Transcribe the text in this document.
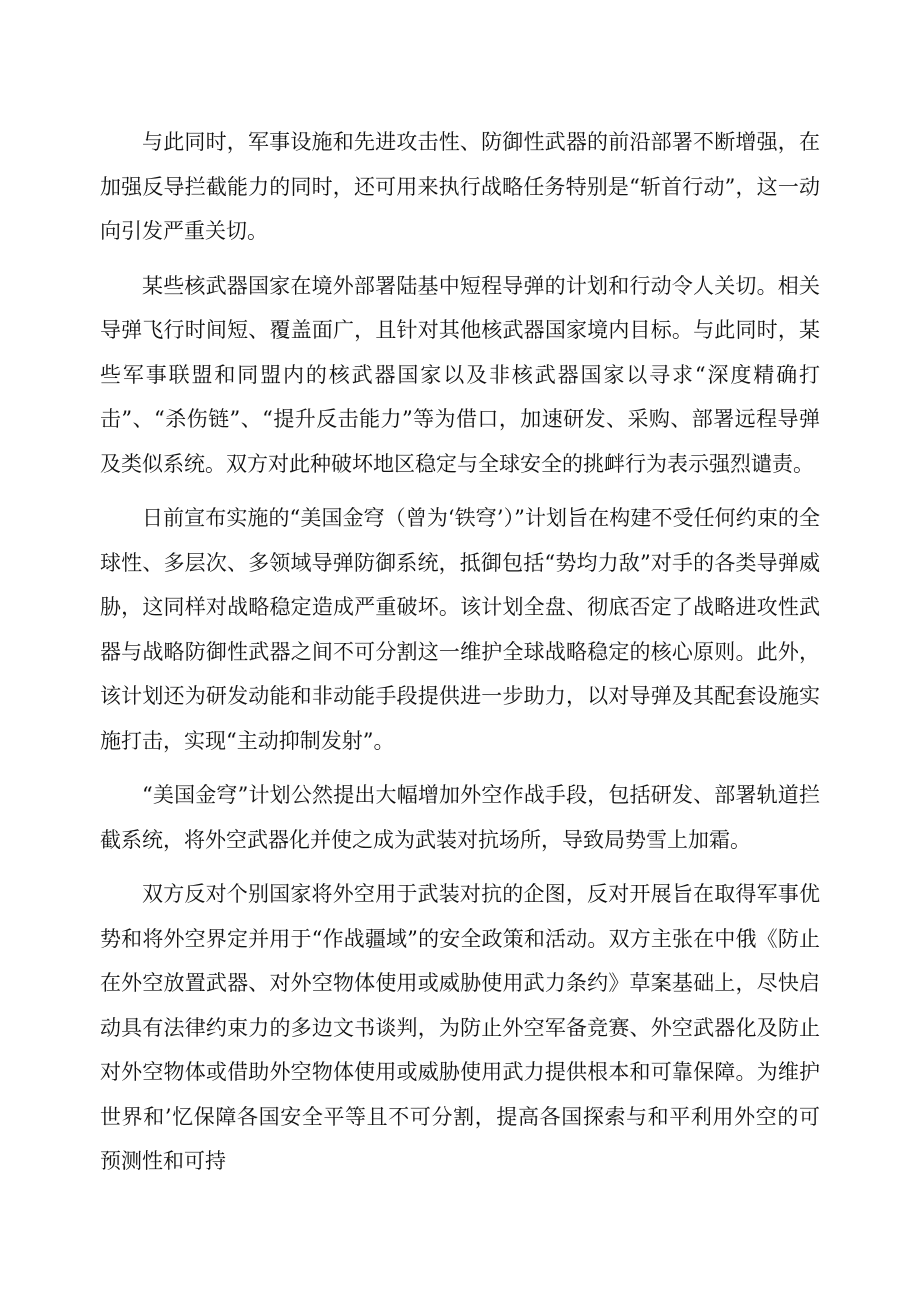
与此同时，军事设施和先进攻击性、防御性武器的前沿部署不断增强，在加强反导拦截能力的同时，还可用来执行战略任务特别是“斩首行动”，这一动向引发严重关切。

某些核武器国家在境外部署陆基中短程导弹的计划和行动令人关切。相关导弹飞行时间短、覆盖面广，且针对其他核武器国家境内目标。与此同时，某些军事联盟和同盟内的核武器国家以及非核武器国家以寻求“深度精确打击”、“杀伤链”、“提升反击能力”等为借口，加速研发、采购、部署远程导弹及类似系统。双方对此种破坏地区稳定与全球安全的挑衅行为表示强烈谴责。

日前宣布实施的“美国金穹（曾为‘铁穹’）”计划旨在构建不受任何约束的全球性、多层次、多领域导弹防御系统，抵御包括“势均力敌”对手的各类导弹威胁，这同样对战略稳定造成严重破坏。该计划全盘、彻底否定了战略进攻性武器与战略防御性武器之间不可分割这一维护全球战略稳定的核心原则。此外，该计划还为研发动能和非动能手段提供进一步助力，以对导弹及其配套设施实施打击，实现“主动抑制发射”。

“美国金穹”计划公然提出大幅增加外空作战手段，包括研发、部署轨道拦截系统，将外空武器化并使之成为武装对抗场所，导致局势雪上加霜。

双方反对个别国家将外空用于武装对抗的企图，反对开展旨在取得军事优势和将外空界定并用于“作战疆域”的安全政策和活动。双方主张在中俄《防止在外空放置武器、对外空物体使用或威胁使用武力条约》草案基础上，尽快启动具有法律约束力的多边文书谈判，为防止外空军备竞赛、外空武器化及防止对外空物体或借助外空物体使用或威胁使用武力提供根本和可靠保障。为维护世界和’忆保障各国安全平等且不可分割，提高各国探索与和平利用外空的可预测性和可持
